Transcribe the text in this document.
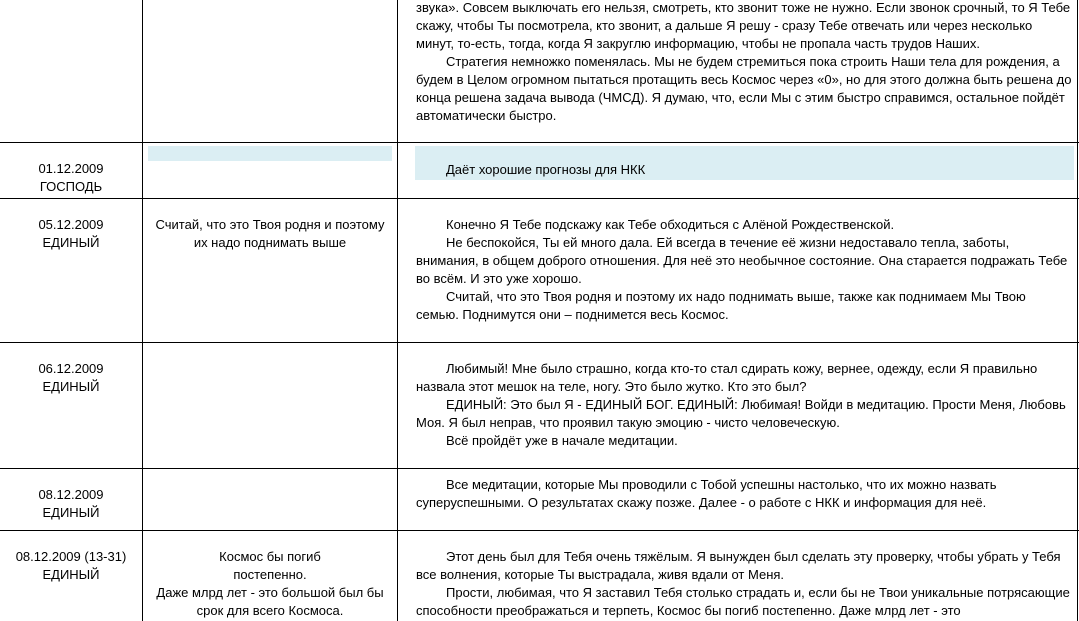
звука». Совсем выключать его нельзя, смотреть, кто звонит тоже не нужно. Если звонок срочный, то Я Тебе скажу, чтобы Ты посмотрела, кто звонит, а дальше Я решу - сразу Тебе отвечать или через несколько минут, то-есть, тогда, когда Я закруглю информацию, чтобы не пропала часть трудов Наших.

Стратегия немножко поменялась. Мы не будем стремиться пока строить Наши тела для рождения, а будем в Целом огромном пытаться протащить весь Космос через «0», но для этого должна быть решена до конца решена задача вывода (ЧМСД). Я думаю, что, если Мы с этим быстро справимся, остальное пойдёт автоматически быстро.

01.12.2009
ГОСПОДЬ

Даёт хорошие прогнозы для НКК

05.12.2009
ЕДИНЫЙ
Считай, что это Твоя родня и поэтому их надо поднимать выше

Конечно Я Тебе подскажу как Тебе обходиться с Алёной Рождественской.

Не беспокойся, Ты ей много дала. Ей всегда в течение её жизни недоставало тепла, заботы, внимания, в общем доброго отношения. Для неё это необычное состояние. Она старается подражать Тебе во всём. И это уже хорошо.

Считай, что это Твоя родня и поэтому их надо поднимать выше, также как поднимаем Мы Твою семью. Поднимутся они – поднимется весь Космос.

06.12.2009
ЕДИНЫЙ

Любимый! Мне было страшно, когда кто-то стал сдирать кожу, вернее, одежду, если Я правильно назвала этот мешок на теле, ногу. Это было жутко. Кто это был?

ЕДИНЫЙ: Это был Я - ЕДИНЫЙ БОГ. ЕДИНЫЙ: Любимая! Войди в медитацию. Прости Меня, Любовь Моя. Я был неправ, что проявил такую эмоцию - чисто человеческую.

Всё пройдёт уже в начале медитации.

08.12.2009
ЕДИНЫЙ

Все медитации, которые Мы проводили с Тобой успешны настолько, что их можно назвать суперуспешными. О результатах скажу позже. Далее - о работе с НКК и информация для неё.

08.12.2009 (13-31)
ЕДИНЫЙ
Космос бы погиб постепенно.
Даже млрд лет - это большой был бы срок для всего Космоса.

Этот день был для Тебя очень тяжёлым. Я вынужден был сделать эту проверку, чтобы убрать у Тебя все волнения, которые Ты выстрадала, живя вдали от Меня.

Прости, любимая, что Я заставил Тебя столько страдать и, если бы не Твои уникальные потрясающие способности преображаться и терпеть, Космос бы погиб постепенно. Даже млрд лет - это
